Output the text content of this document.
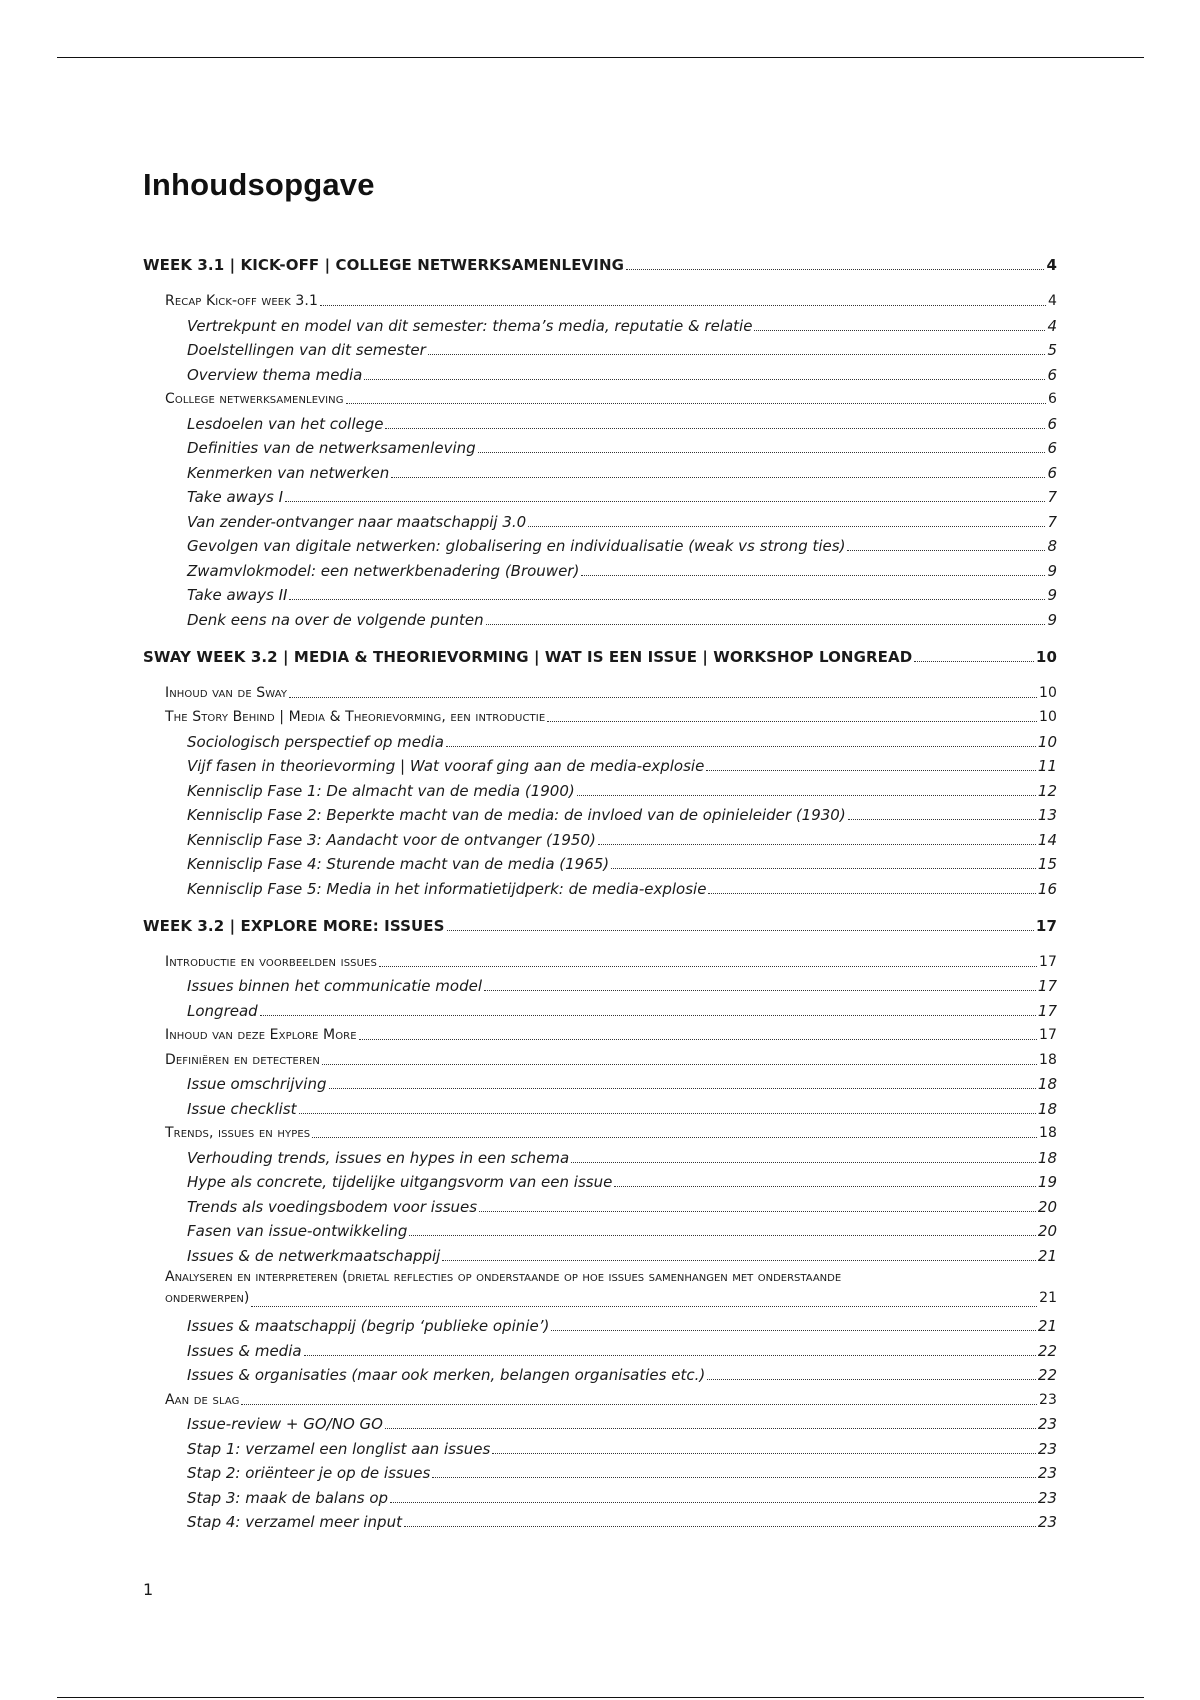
Inhoudsopgave
WEEK 3.1 | KICK-OFF | COLLEGE NETWERKSAMENLEVING	4
Recap Kick-off week 3.1	4
Vertrekpunt en model van dit semester: thema’s media, reputatie & relatie	4
Doelstellingen van dit semester	5
Overview thema media	6
College netwerksamenleving	6
Lesdoelen van het college	6
Definities van de netwerksamenleving	6
Kenmerken van netwerken	6
Take aways I	7
Van zender-ontvanger naar maatschappij 3.0	7
Gevolgen van digitale netwerken: globalisering en individualisatie (weak vs strong ties)	8
Zwamvlokmodel: een netwerkbenadering (Brouwer)	9
Take aways II	9
Denk eens na over de volgende punten	9
SWAY WEEK 3.2 | MEDIA & THEORIEVORMING | WAT IS EEN ISSUE | WORKSHOP LONGREAD	10
Inhoud van de Sway	10
The Story Behind | Media & Theorievorming, een introductie	10
Sociologisch perspectief op media	10
Vijf fasen in theorievorming | Wat vooraf ging aan de media-explosie	11
Kennisclip Fase 1: De almacht van de media (1900)	12
Kennisclip Fase 2: Beperkte macht van de media: de invloed van de opinieleider (1930)	13
Kennisclip Fase 3: Aandacht voor de ontvanger (1950)	14
Kennisclip Fase 4: Sturende macht van de media (1965)	15
Kennisclip Fase 5: Media in het informatietijdperk: de media-explosie	16
WEEK 3.2 | EXPLORE MORE: ISSUES	17
Introductie en voorbeelden issues	17
Issues binnen het communicatie model	17
Longread	17
Inhoud van deze Explore More	17
Definiëren en detecteren	18
Issue omschrijving	18
Issue checklist	18
Trends, issues en hypes	18
Verhouding trends, issues en hypes in een schema	18
Hype als concrete, tijdelijke uitgangsvorm van een issue	19
Trends als voedingsbodem voor issues	20
Fasen van issue-ontwikkeling	20
Issues & de netwerkmaatschappij	21
Analyseren en interpreteren (drietal reflecties op onderstaande op hoe issues samenhangen met onderstaande
onderwerpen)	21
Issues & maatschappij (begrip ‘publieke opinie’)	21
Issues & media	22
Issues & organisaties (maar ook merken, belangen organisaties etc.)	22
Aan de slag	23
Issue-review + GO/NO GO	23
Stap 1: verzamel een longlist aan issues	23
Stap 2: oriënteer je op de issues	23
Stap 3: maak de balans op	23
Stap 4: verzamel meer input	23
1
